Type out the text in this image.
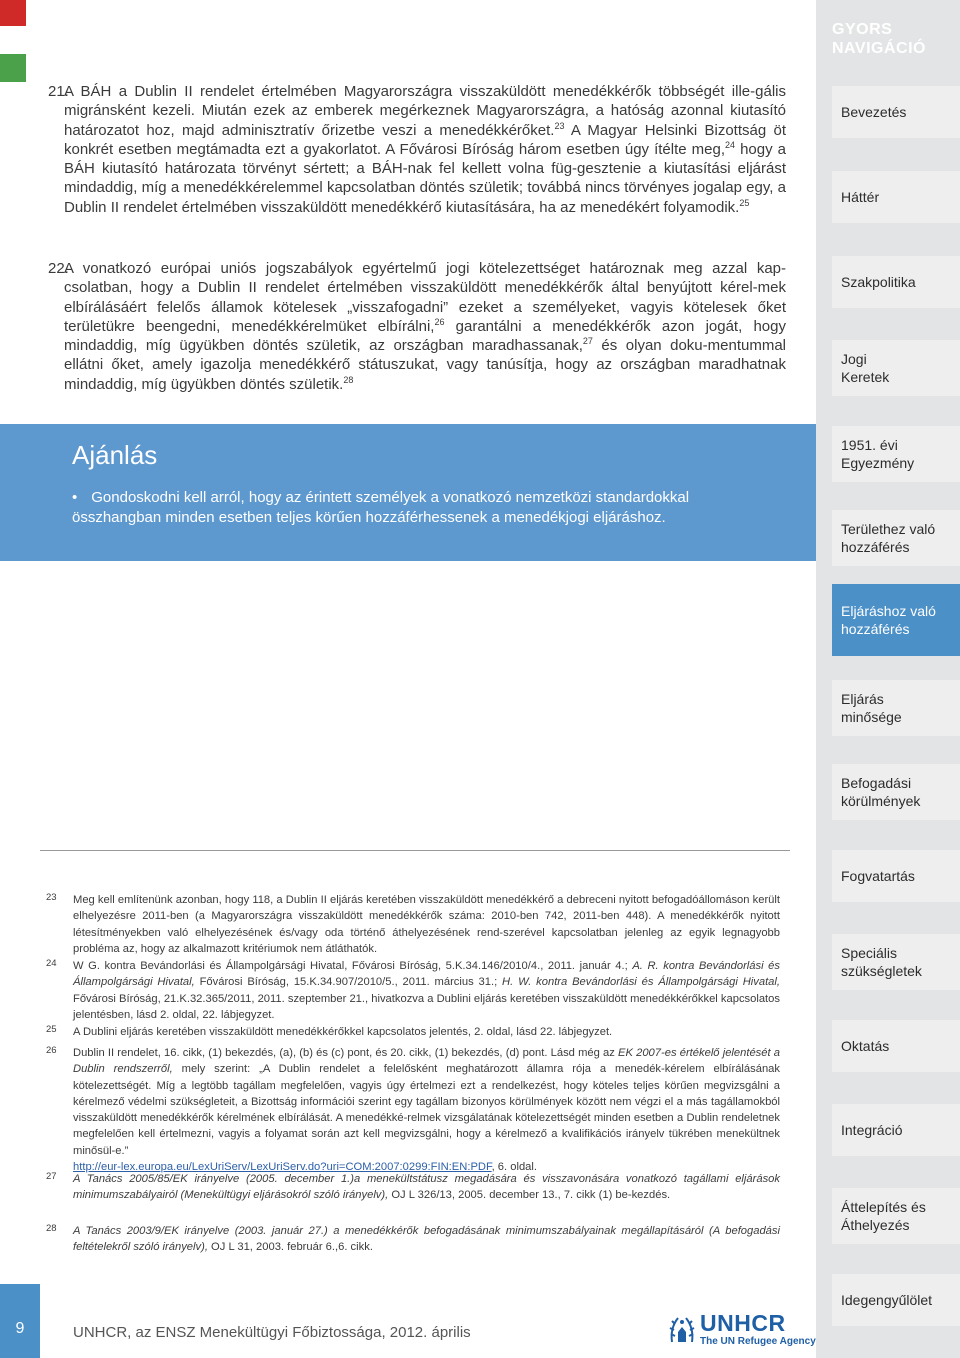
GYORS
NAVIGÁCIÓ
Bevezetés
Háttér
Szakpolitika
Jogi
Keretek
1951. évi
Egyezmény
Területhez való
hozzáférés
Eljáráshoz való
hozzáférés
Eljárás
minősége
Befogadási
körülmények
Fogvatartás
Speciális
szükségletek
Oktatás
Integráció
Áttelepítés és
Áthelyezés
Idegengyűlölet
21.
A BÁH a Dublin II rendelet értelmében Magyarországra visszaküldött menedékkérők többségét ille-gális migránsként kezeli. Miután ezek az emberek megérkeznek Magyarországra, a hatóság azonnal kiutasító határozatot hoz, majd adminisztratív őrizetbe veszi a menedékkérőket.$^{23}$ A Magyar Helsinki Bizottság öt konkrét esetben megtámadta ezt a gyakorlatot. A Fővárosi Bíróság három esetben úgy ítélte meg,$^{24}$ hogy a BÁH kiutasító határozata törvényt sértett; a BÁH-nak fel kellett volna füg-gesztenie a kiutasítási eljárást mindaddig, míg a menedékkérelemmel kapcsolatban döntés születik; továbbá nincs törvényes jogalap egy, a Dublin II rendelet értelmében visszaküldött menedékkérő kiutasítására, ha az menedékért folyamodik.$^{25}$
22.
A vonatkozó európai uniós jogszabályok egyértelmű jogi kötelezettséget határoznak meg azzal kap-csolatban, hogy a Dublin II rendelet értelmében visszaküldött menedékkérők által benyújtott kérel-mek elbírálásáért felelős államok kötelesek „visszafogadni” ezeket a személyeket, vagyis kötelesek őket területükre beengedni, menedékkérelmüket elbírálni,$^{26}$ garantálni a menedékkérők azon jogát, hogy mindaddig, míg ügyükben döntés születik, az országban maradhassanak,$^{27}$ és olyan doku-mentummal ellátni őket, amely igazolja menedékkérő státuszukat, vagy tanúsítja, hogy az országban maradhatnak mindaddig, míg ügyükben döntés születik.$^{28}$
Ajánlás
• Gondoskodni kell arról, hogy az érintett személyek a vonatkozó nemzetközi standardokkal összhangban minden esetben teljes körűen hozzáférhessenek a menedékjogi eljáráshoz.
23	Meg kell említenünk azonban, hogy 118, a Dublin II eljárás keretében visszaküldött menedékkérő a debreceni nyitott befogadóállomáson került elhelyezésre 2011-ben (a Magyarországra visszaküldött menedékkérők száma: 2010-ben 742, 2011-ben 448). A menedékkérők nyitott létesítményekben való elhelyezésének és/vagy oda történő áthelyezésének rend-szerével kapcsolatban jelenleg az egyik legnagyobb probléma az, hogy az alkalmazott kritériumok nem átláthatók.
24	W G. kontra Bevándorlási és Állampolgársági Hivatal, Fővárosi Bíróság, 5.K.34.146/2010/4., 2011. január 4.; A. R. kontra Bevándorlási és Állampolgársági Hivatal, Fővárosi Bíróság, 15.K.34.907/2010/5., 2011. március 31.; H. W. kontra Bevándorlási és Állampolgársági Hivatal, Fővárosi Bíróság, 21.K.32.365/2011, 2011. szeptember 21., hivatkozva a Dublini eljárás keretében visszaküldött menedékkérőkkel kapcsolatos jelentésben, lásd 2. oldal, 22. lábjegyzet.
25	A Dublini eljárás keretében visszaküldött menedékkérőkkel kapcsolatos jelentés, 2. oldal, lásd 22. lábjegyzet.
26	Dublin II rendelet, 16. cikk, (1) bekezdés, (a), (b) és (c) pont, és 20. cikk, (1) bekezdés, (d) pont. Lásd még az EK 2007-es értékelő jelentését a Dublin rendszerről, mely szerint: „A Dublin rendelet a felelősként meghatározott államra rója a menedék-kérelem elbírálásának kötelezettségét. Míg a legtöbb tagállam megfelelően, vagyis úgy értelmezi ezt a rendelkezést, hogy köteles teljes körűen megvizsgálni a kérelmező védelmi szükségleteit, a Bizottság információi szerint egy tagállam bizonyos körülmények között nem végzi el a más tagállamokból visszaküldött menedékkérők kérelmének elbírálását. A menedékké-relmek vizsgálatának kötelezettségét minden esetben a Dublin rendeletnek megfelelően kell értelmezni, vagyis a folyamat során azt kell megvizsgálni, hogy a kérelmező a kvalifikációs irányelv tükrében menekültnek minősül-e.”
http://eur-lex.europa.eu/LexUriServ/LexUriServ.do?uri=COM:2007:0299:FIN:EN:PDF, 6. oldal.
27	A Tanács 2005/85/EK irányelve (2005. december 1.)a menekültstátusz megadására és visszavonására vonatkozó tagállami eljárások minimumszabályairól (Menekültügyi eljárásokról szóló irányelv), OJ L 326/13, 2005. december 13., 7. cikk (1) be-kezdés.
28	A Tanács 2003/9/EK irányelve (2003. január 27.) a menedékkérők befogadásának minimumszabályainak megállapításáról (A befogadási feltételekről szóló irányelv), OJ L 31, 2003. február 6.,6. cikk.
9	UNHCR, az ENSZ Menekültügyi Főbiztossága, 2012. április	UNHCR
The UN Refugee Agency
